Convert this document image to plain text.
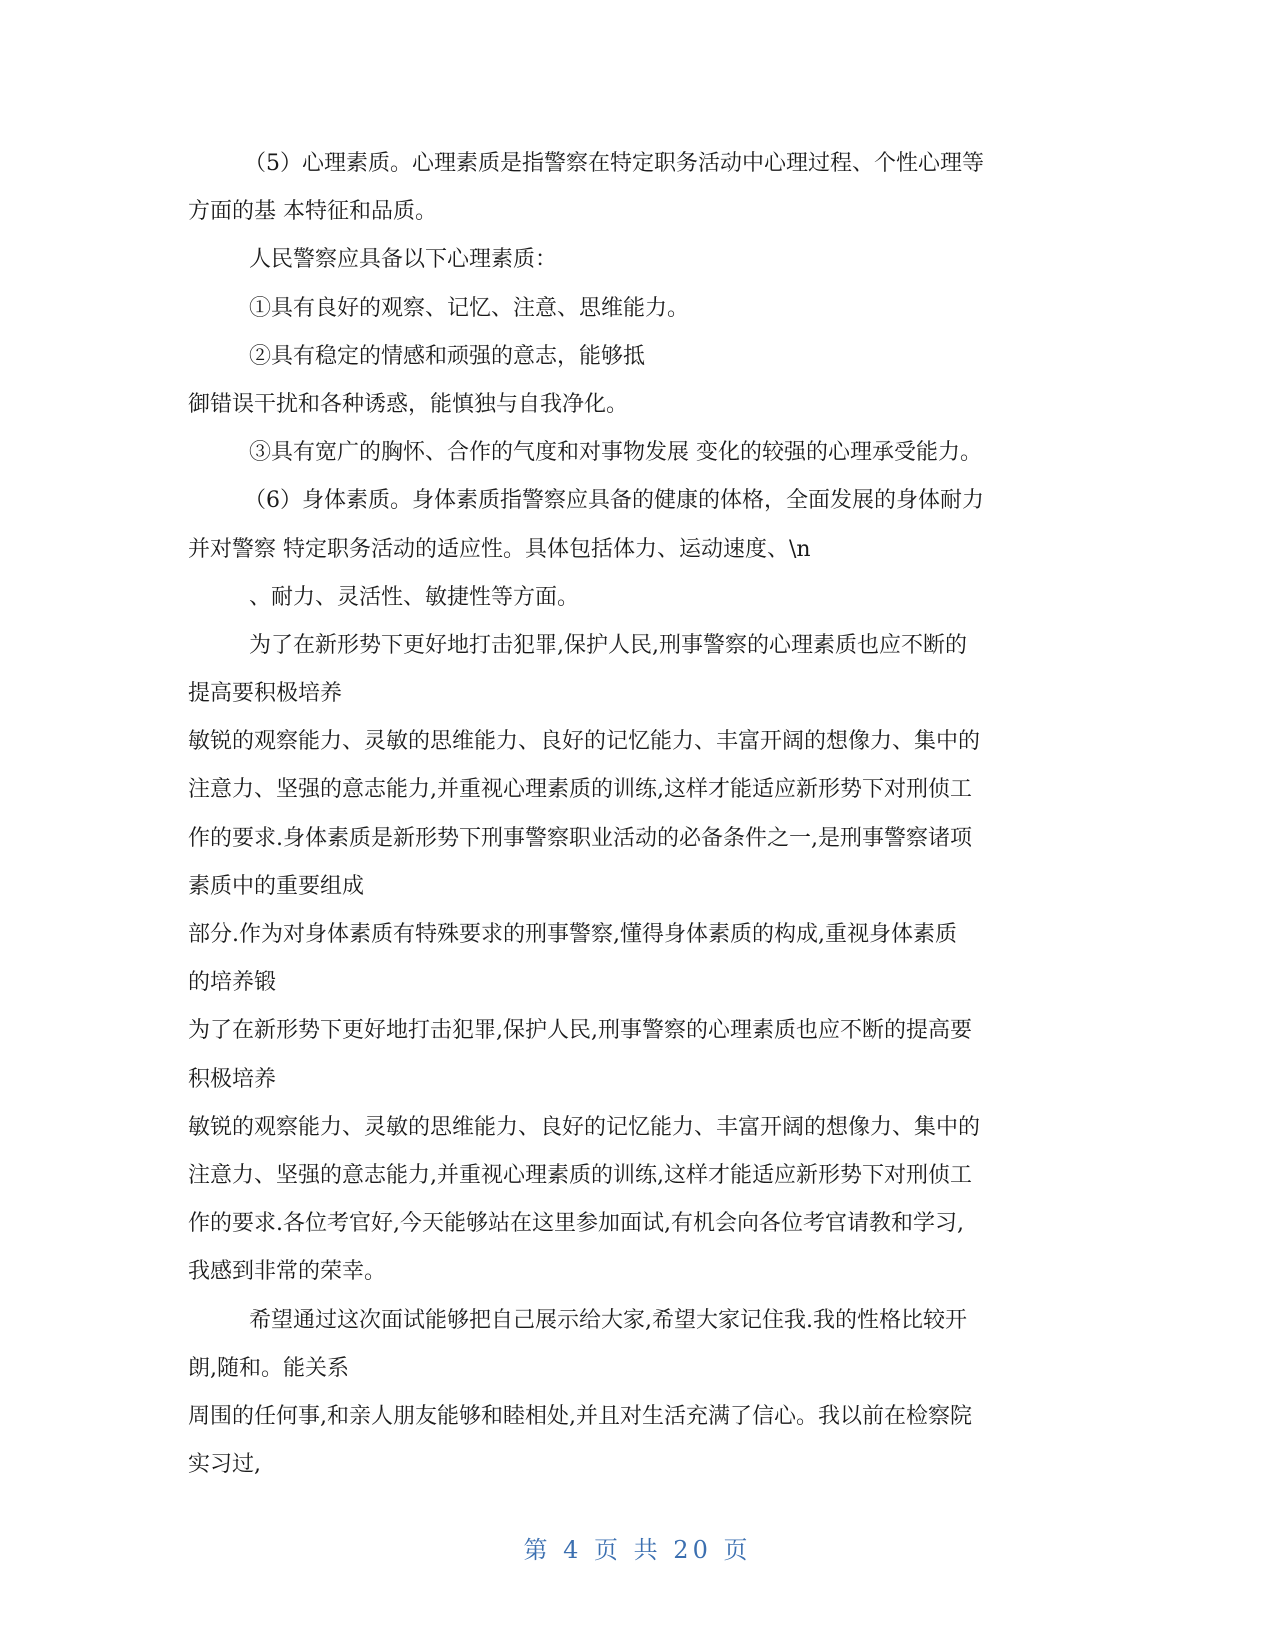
（5）心理素质。心理素质是指警察在特定职务活动中心理过程、个性心理等
方面的基 本特征和品质。
人民警察应具备以下心理素质：
①具有良好的观察、记忆、注意、思维能力。
②具有稳定的情感和顽强的意志，能够抵
御错误干扰和各种诱惑，能慎独与自我净化。
③具有宽广的胸怀、合作的气度和对事物发展 变化的较强的心理承受能力。
（6）身体素质。身体素质指警察应具备的健康的体格，全面发展的身体耐力
并对警察 特定职务活动的适应性。具体包括体力、运动速度、\n
、耐力、灵活性、敏捷性等方面。
为了在新形势下更好地打击犯罪,保护人民,刑事警察的心理素质也应不断的
提高要积极培养
敏锐的观察能力、灵敏的思维能力、良好的记忆能力、丰富开阔的想像力、集中的
注意力、坚强的意志能力,并重视心理素质的训练,这样才能适应新形势下对刑侦工
作的要求.身体素质是新形势下刑事警察职业活动的必备条件之一,是刑事警察诸项
素质中的重要组成
部分.作为对身体素质有特殊要求的刑事警察,懂得身体素质的构成,重视身体素质
的培养锻
为了在新形势下更好地打击犯罪,保护人民,刑事警察的心理素质也应不断的提高要
积极培养
敏锐的观察能力、灵敏的思维能力、良好的记忆能力、丰富开阔的想像力、集中的
注意力、坚强的意志能力,并重视心理素质的训练,这样才能适应新形势下对刑侦工
作的要求.各位考官好,今天能够站在这里参加面试,有机会向各位考官请教和学习,
我感到非常的荣幸。
希望通过这次面试能够把自己展示给大家,希望大家记住我.我的性格比较开
朗,随和。能关系
周围的任何事,和亲人朋友能够和睦相处,并且对生活充满了信心。我以前在检察院
实习过,
第 4 页 共 20 页
